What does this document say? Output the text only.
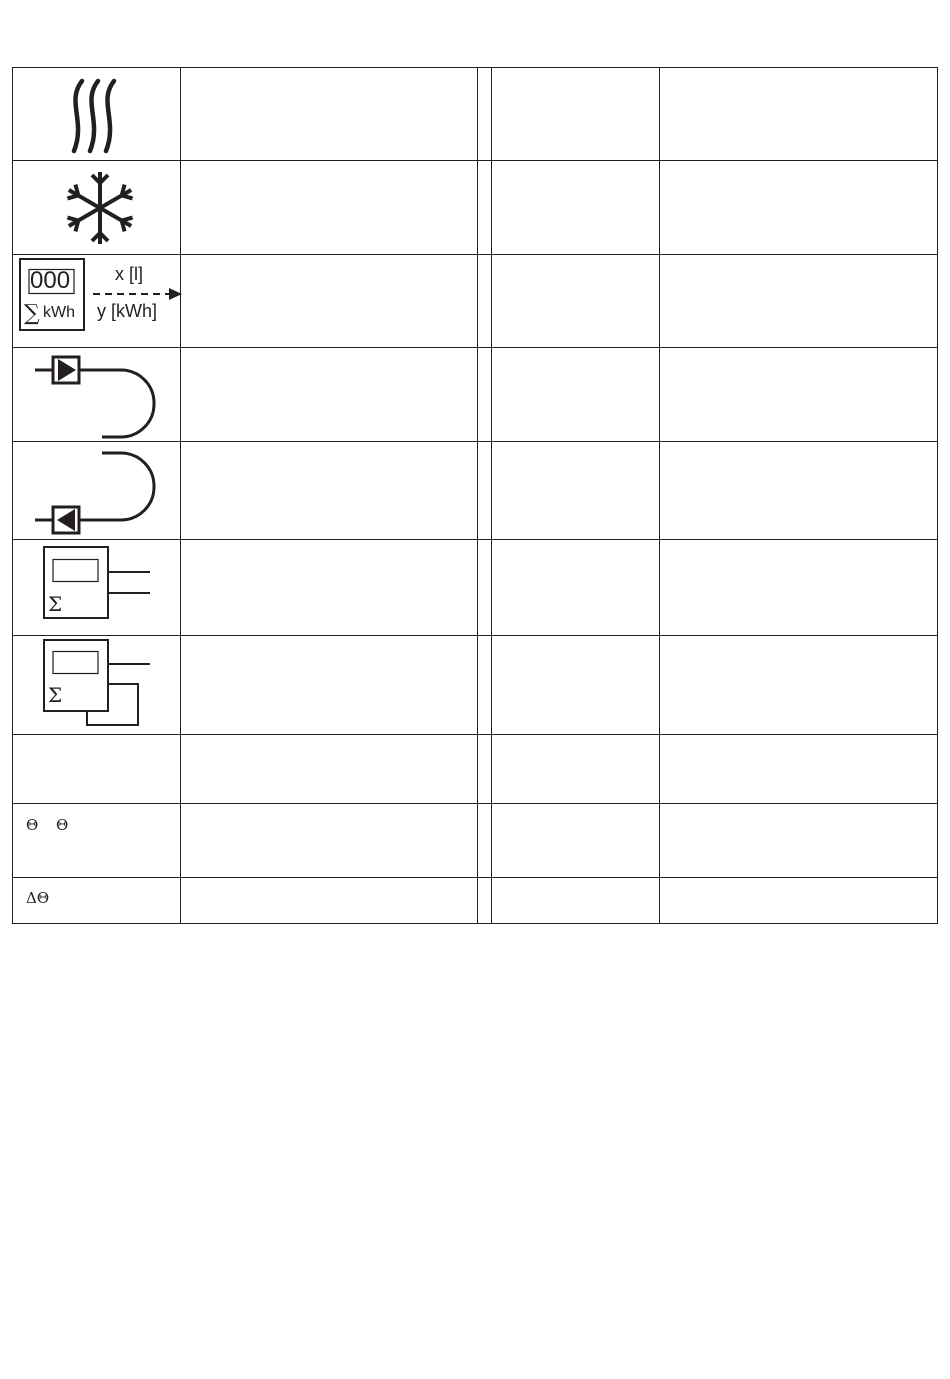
000
∑ kWh
x [l]
y [kWh]
Σ
Σ
Θ Θ
ΔΘ
